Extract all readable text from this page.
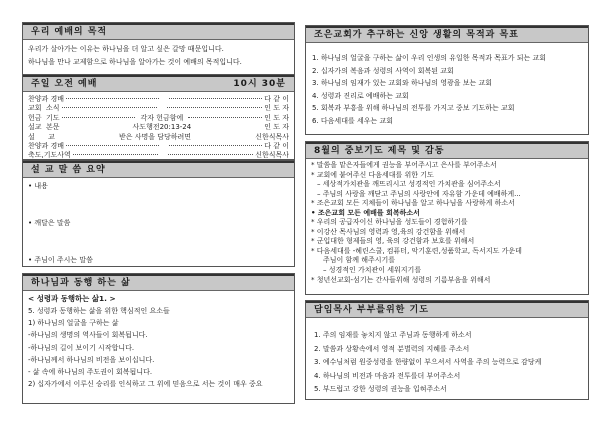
우리 예배의 목적
우리가 살아가는 이유는 하나님을 더 알고 싶은 갈망 때문입니다.
하나님을 만나 교제함으로 하나님을 알아가는 것이 예배의 목적입니다.
주일 오전 예배	10시 30분
찬양과 경배	다 같 이
교회  소식	인 도 자
헌금  기도	각자 헌금함에	인 도 자
설교  본문	사도행전20:13-24	인 도 자
설      교	받은 사명을 담당하려면	신한식목사
찬양과 경배	다 같 이
축도,기도사역	신한식목사
설 교 말 씀 요약
• 내용
• 깨달은 말씀
• 주님이 주시는 말씀
하나님과 동행 하는 삶
< 성령과 동행하는 삶1. >
5. 성령과 동행하는 삶을 위한 핵심적인 요소들
1) 하나님의 얼굴을 구하는 삶
-하나님의 생명의 역사들이 회복됩니다.
-하나님의 길이 보이기 시작합니다.
-하나님께서 하나님의 비전을 보이십니다.
- 삶 속에 하나님의 주도권이 회복됩니다.
2) 십자가에서 이루신 승리를 인식하고 그 위에 믿음으로 서는 것이 매우 중요
조은교회가 추구하는 신앙 생활의 목적과 목표
1. 하나님의 얼굴을 구하는 삶이 우리 인생의 유일한 목적과 목표가 되는 교회
2. 십자가의 복음과 성령의 사역이 회복된 교회
3. 하나님의 임재가 있는 교회와 하나님의 영광을 보는 교회
4. 성령과 진리로 예배하는 교회
5. 회복과 부흥을 위해 하나님의 전투를 가지고 중보 기도하는 교회
6. 다음세대를 세우는 교회
8월의 중보기도 제목 및 감동
* 말씀을 맡은자들에게 권능을 부어주시고 은사를 부어주소서
* 교회에 붙여주신 다음세대를 위한 기도
– 세상적가치관을 깨뜨리시고 성경적인 가치관을 심어주소서
– 주님의 사랑을 깨닫고 주님의 사랑안에 자유함 가운데 예배하게...
* 조은교회 모든 지체들이 하나님을 알고 하나님을 사랑하게 하소서
• 조은교회 모든 예배를 회복하소서
* 우리의 공급자이신 하나님을 성도들이 경험하기를
* 이강산 목사님의 영력과 영,육의 강건함을 위해서
* 군입대한 형제들의 영, 육의 강건함과 보호를 위해서
* 다음세대를 -헤린스쿨, 컴퓨터, 악기훈련,성품학교, 독서지도 가운데
주님이 함께 해주시기를
– 성경적인 가치관이 세워지기를
* 청년선교회-섬기는 간사들위해 성령의 기름부음을 위해서
담임목사 부부를위한 기도
1. 주의 임재를 놓치지 않고 주님과 동행하게 하소서
2. 말씀과 상황속에서 영적 분별력의 지혜를 주소서
3. 예수님처럼 원중성령을 한량없이 부으셔서 사역을 주의 능력으로 감당케
4. 하나님의 비전과 마음과 전투를더 부어주소서
5. 부드럽고 강한 성령의 권능을 입혀주소서
